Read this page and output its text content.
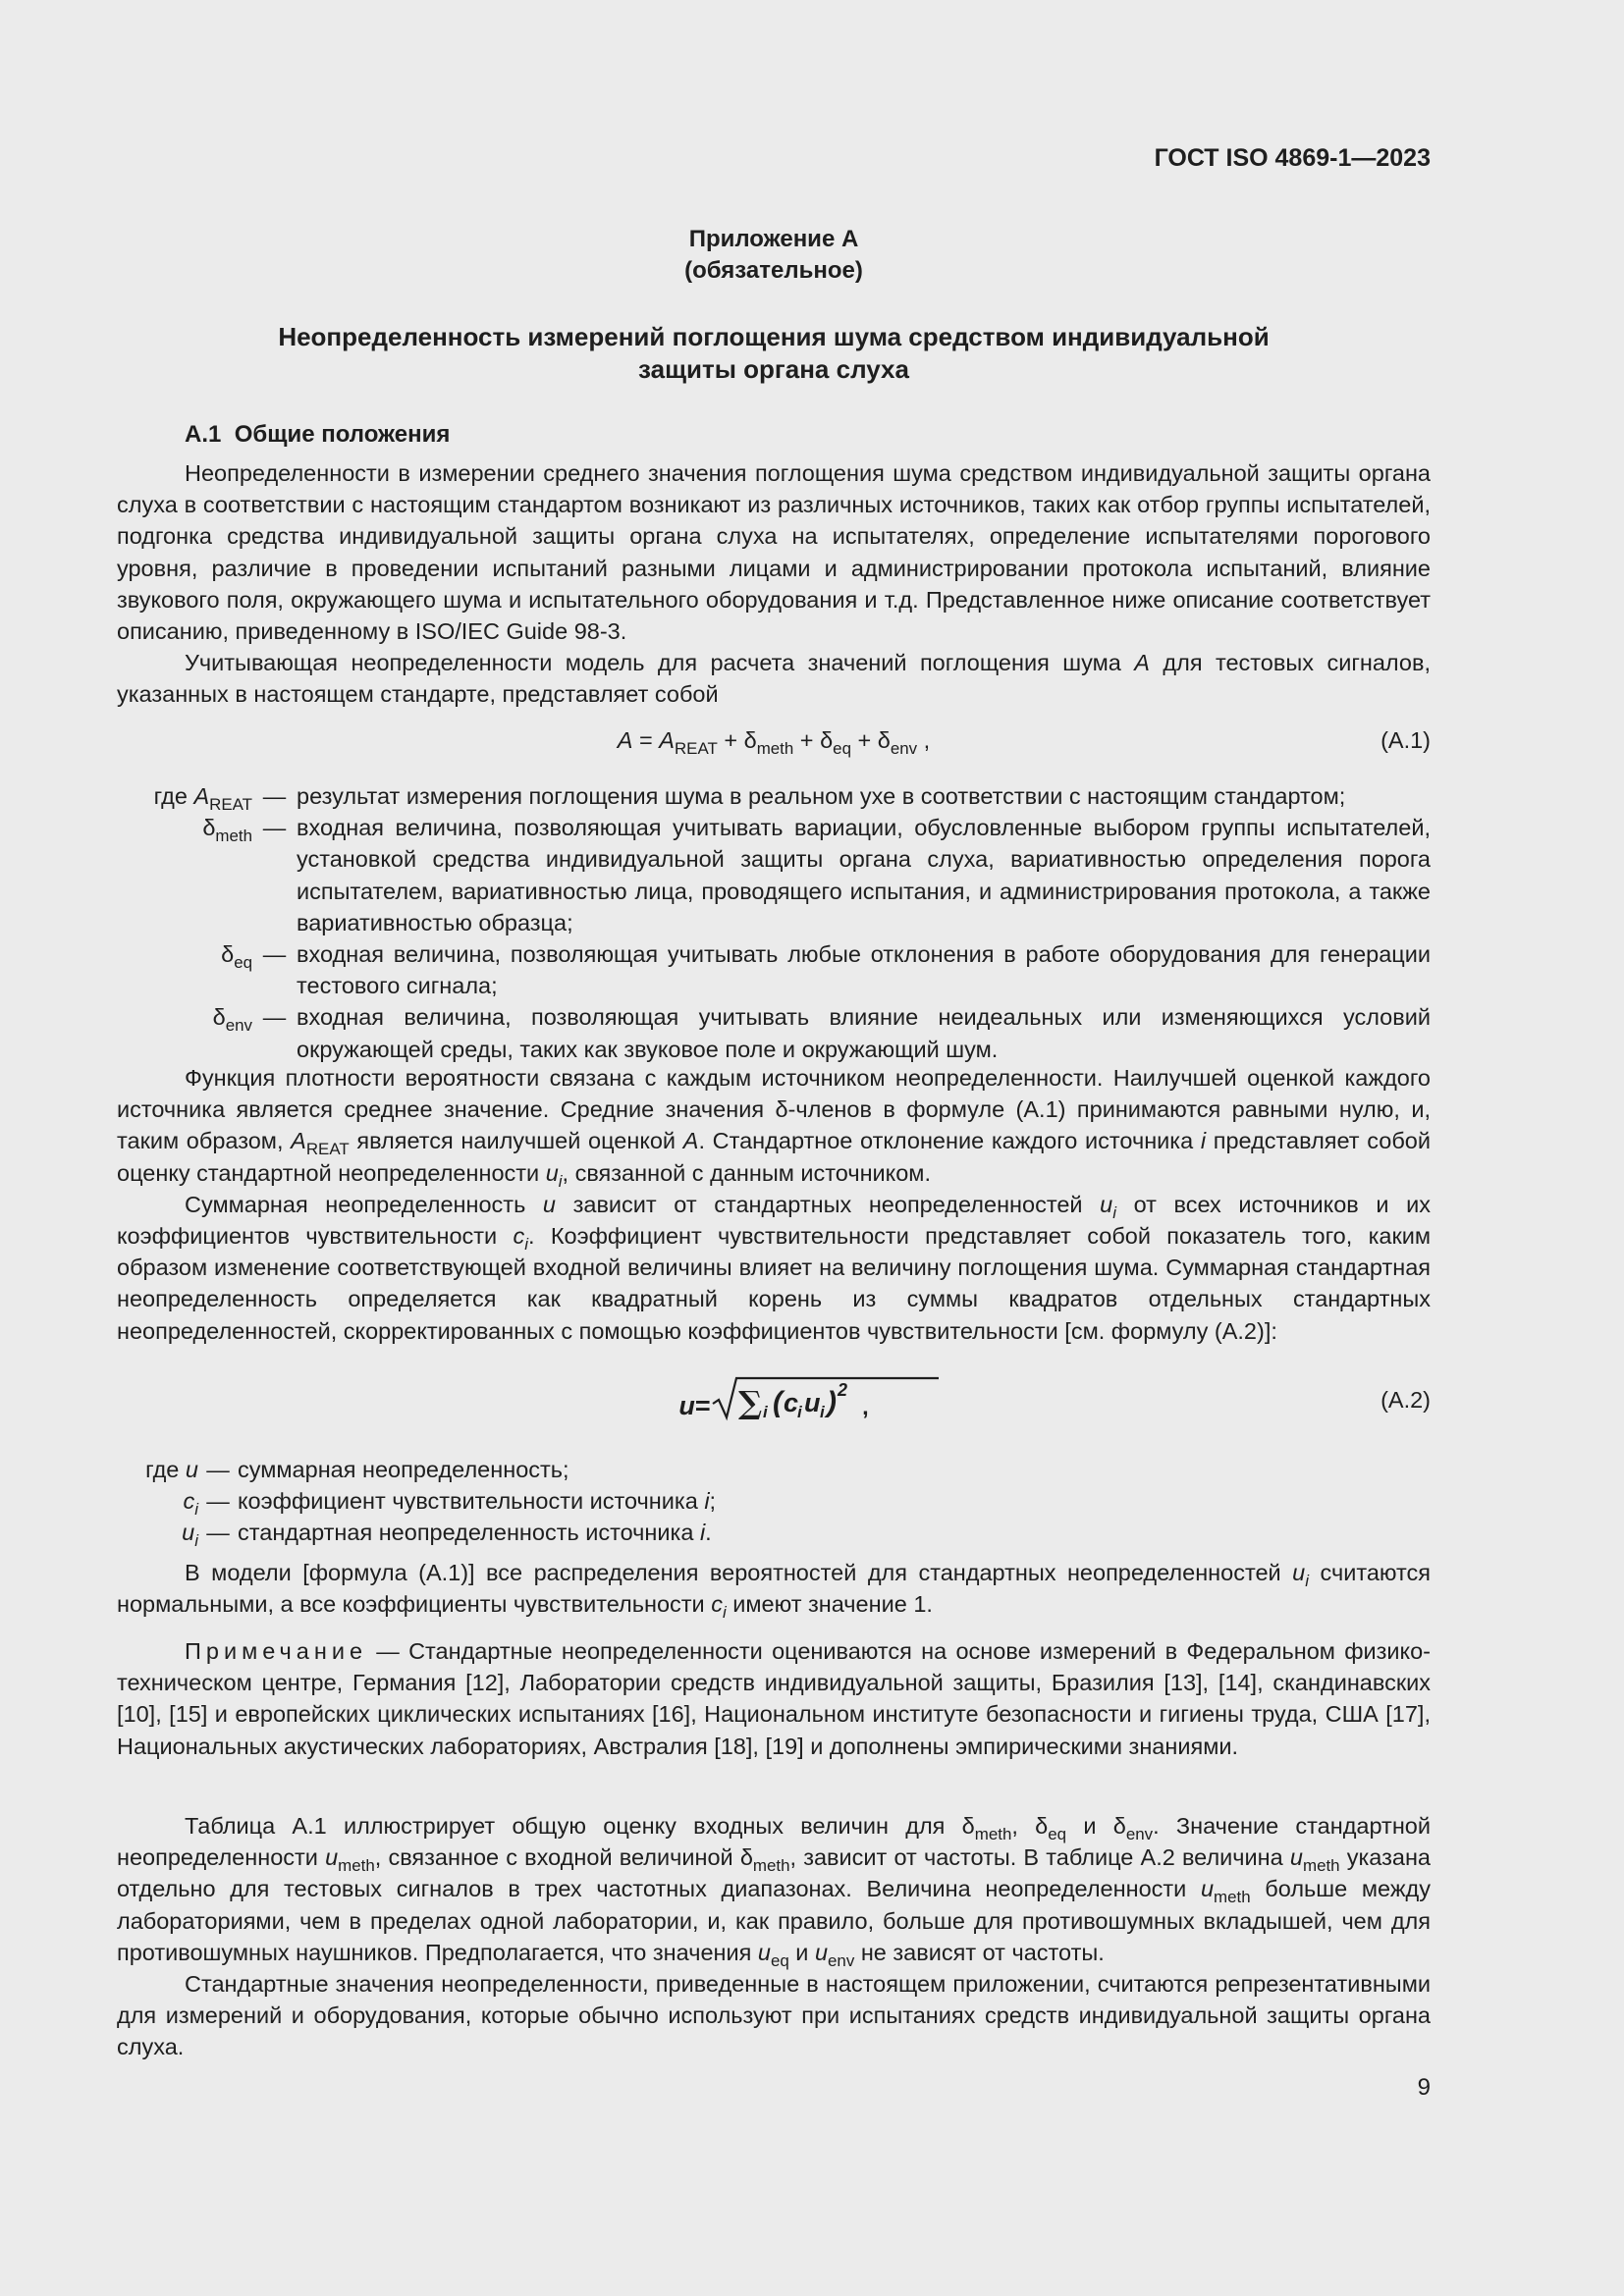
ГОСТ ISO 4869-1—2023
Приложение А
(обязательное)
Неопределенность измерений поглощения шума средством индивидуальной
защиты органа слуха
А.1 Общие положения

Неопределенности в измерении среднего значения поглощения шума средством индивидуальной защиты органа слуха в соответствии с настоящим стандартом возникают из различных источников, таких как отбор группы испытателей, подгонка средства индивидуальной защиты органа слуха на испытателях, определение испытателями порогового уровня, различие в проведении испытаний разными лицами и администрировании протокола испытаний, влияние звукового поля, окружающего шума и испытательного оборудования и т.д. Представленное ниже описание соответствует описанию, приведенному в ISO/IEC Guide 98-3.

Учитывающая неопределенности модель для расчета значений поглощения шума A для тестовых сигналов, указанных в настоящем стандарте, представляет собой

$A = A_{REAT} + \delta_{meth} + \delta_{eq} + \delta_{env}$ ,	(А.1)
где $A_{REAT}$ — результат измерения поглощения шума в реальном ухе в соответствии с настоящим стандартом;
$\delta_{meth}$ — входная величина, позволяющая учитывать вариации, обусловленные выбором группы испытателей, установкой средства индивидуальной защиты органа слуха, вариативностью определения порога испытателем, вариативностью лица, проводящего испытания, и администрирования протокола, а также вариативностью образца;
$\delta_{eq}$ — входная величина, позволяющая учитывать любые отклонения в работе оборудования для генерации тестового сигнала;
$\delta_{env}$ — входная величина, позволяющая учитывать влияние неидеальных или изменяющихся условий окружающей среды, таких как звуковое поле и окружающий шум.

Функция плотности вероятности связана с каждым источником неопределенности. Наилучшей оценкой каждого источника является среднее значение. Средние значения δ-членов в формуле (А.1) принимаются равными нулю, и, таким образом, $A_{REAT}$ является наилучшей оценкой A. Стандартное отклонение каждого источника i представляет собой оценку стандартной неопределенности $u_i$, связанной с данным источником.

Суммарная неопределенность u зависит от стандартных неопределенностей $u_i$ от всех источников и их коэффициентов чувствительности $c_i$. Коэффициент чувствительности представляет собой показатель того, каким образом изменение соответствующей входной величины влияет на величину поглощения шума. Суммарная стандартная неопределенность определяется как квадратный корень из суммы квадратов отдельных стандартных неопределенностей, скорректированных с помощью коэффициентов чувствительности [см. формулу (А.2)]:

u = ∑ i ( c
i u i ) 2
,	(А.2)
где u — суммарная неопределенность;
$c_i$ — коэффициент чувствительности источника i;
$u_i$ — стандартная неопределенность источника i.

В модели [формула (А.1)] все распределения вероятностей для стандартных неопределенностей $u_i$ считаются нормальными, а все коэффициенты чувствительности $c_i$ имеют значение 1.

Примечание — Стандартные неопределенности оцениваются на основе измерений в Федеральном физико-техническом центре, Германия [12], Лаборатории средств индивидуальной защиты, Бразилия [13], [14], скандинавских [10], [15] и европейских циклических испытаниях [16], Национальном институте безопасности и гигиены труда, США [17], Национальных акустических лабораториях, Австралия [18], [19] и дополнены эмпирическими знаниями.

Таблица А.1 иллюстрирует общую оценку входных величин для $\delta_{meth}$, $\delta_{eq}$ и $\delta_{env}$. Значение стандартной неопределенности $u_{meth}$, связанное с входной величиной $\delta_{meth}$, зависит от частоты. В таблице А.2 величина $u_{meth}$ указана отдельно для тестовых сигналов в трех частотных диапазонах. Величина неопределенности $u_{meth}$ больше между лабораториями, чем в пределах одной лаборатории, и, как правило, больше для противошумных вкладышей, чем для противошумных наушников. Предполагается, что значения $u_{eq}$ и $u_{env}$ не зависят от частоты.

Стандартные значения неопределенности, приведенные в настоящем приложении, считаются репрезентативными для измерений и оборудования, которые обычно используют при испытаниях средств индивидуальной защиты органа слуха.

9
